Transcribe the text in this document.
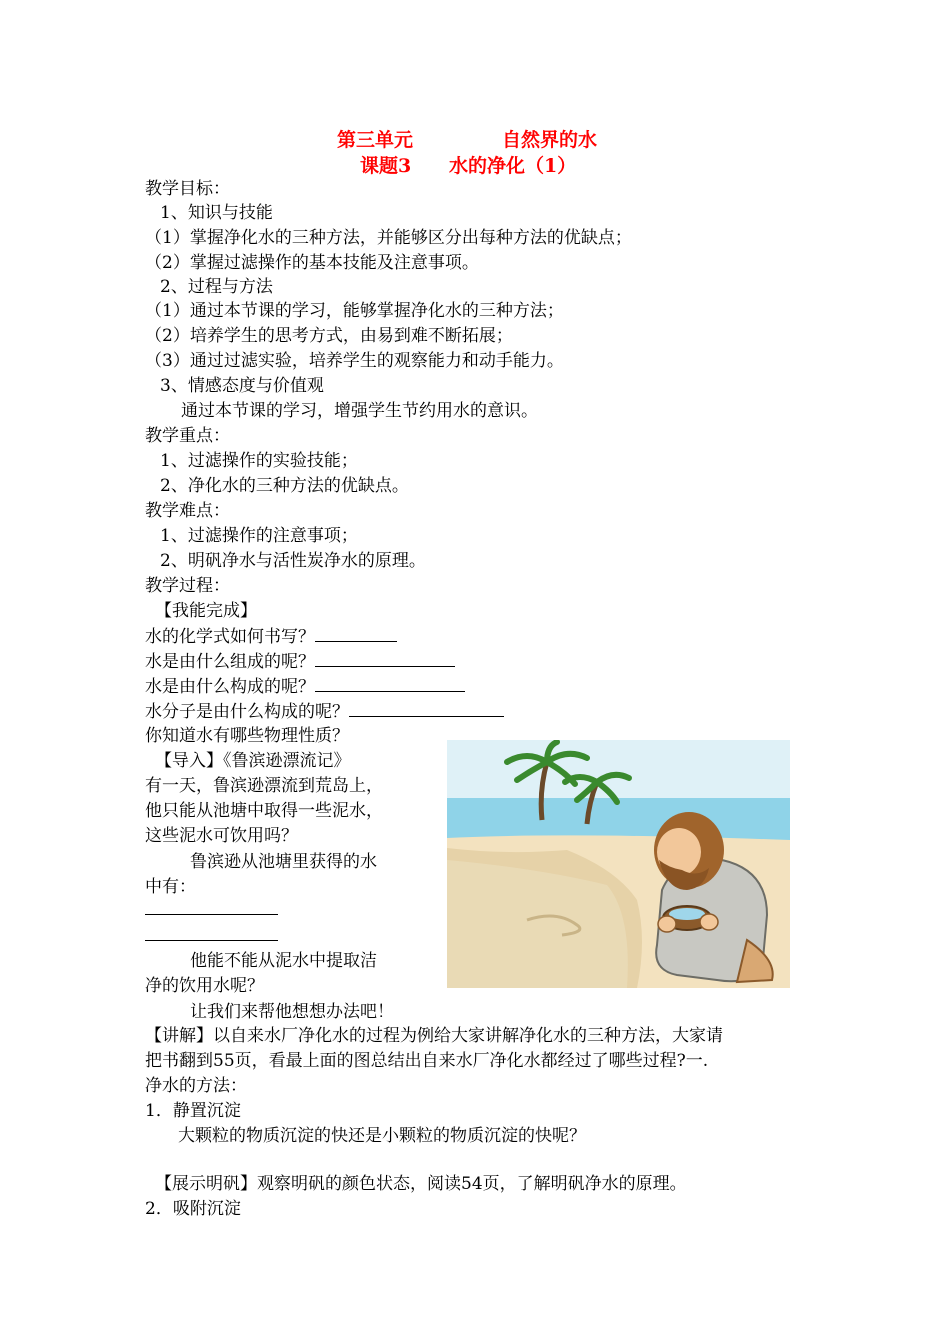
第三单元	自然界的水
课题3 水的净化（1）
教学目标：
1、知识与技能
（1）掌握净化水的三种方法，并能够区分出每种方法的优缺点；
（2）掌握过滤操作的基本技能及注意事项。
2、过程与方法
（1）通过本节课的学习，能够掌握净化水的三种方法；
（2）培养学生的思考方式，由易到难不断拓展；
（3）通过过滤实验，培养学生的观察能力和动手能力。
3、情感态度与价值观
通过本节课的学习，增强学生节约用水的意识。
教学重点：
1、过滤操作的实验技能；
2、净化水的三种方法的优缺点。
教学难点：
1、过滤操作的注意事项；
2、明矾净水与活性炭净水的原理。
教学过程：
【我能完成】
水的化学式如何书写？
水是由什么组成的呢？
水是由什么构成的呢？
水分子是由什么构成的呢？
你知道水有哪些物理性质？
【导入】《鲁滨逊漂流记》
有一天，鲁滨逊漂流到荒岛上，
他只能从池塘中取得一些泥水，
这些泥水可饮用吗？
鲁滨逊从池塘里获得的水
中有：
他能不能从泥水中提取洁
净的饮用水呢？
让我们来帮他想想办法吧！
【讲解】以自来水厂净化水的过程为例给大家讲解净化水的三种方法，大家请
把书翻到55页，看最上面的图总结出自来水厂净化水都经过了哪些过程?一.
净水的方法：
1．静置沉淀
大颗粒的物质沉淀的快还是小颗粒的物质沉淀的快呢？
【展示明矾】观察明矾的颜色状态，阅读54页，了解明矾净水的原理。
2．吸附沉淀
